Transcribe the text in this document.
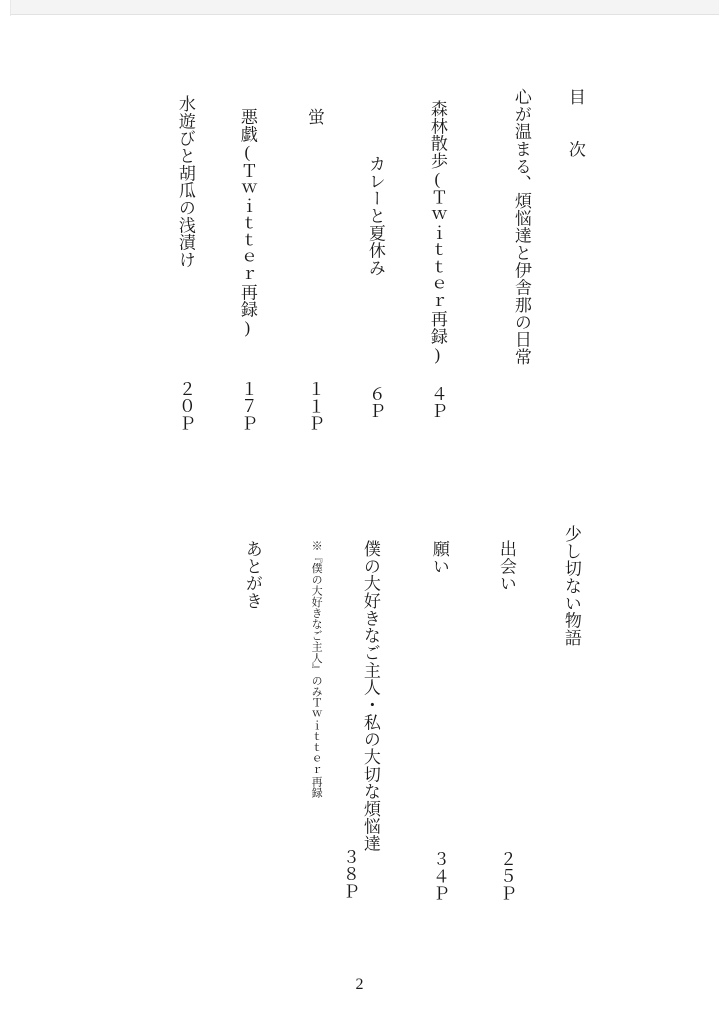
目　次
心が温まる、煩悩達と伊舎那の日常
森林散歩(Ｔｗｉｔｔｅｒ再録)
４Ｐ
カレーと夏休み
６Ｐ
蛍
１１Ｐ
悪戯(Ｔｗｉｔｔｅｒ再録)
１７Ｐ
水遊びと胡瓜の浅漬け
２０Ｐ
少し切ない物語
出会い
２５Ｐ
願い
３４Ｐ
僕の大好きなご主人・私の大切な煩悩達
３８Ｐ
※『僕の大好きなご主人』のみＴｗｉｔｔｅｒ再録
あとがき
2
